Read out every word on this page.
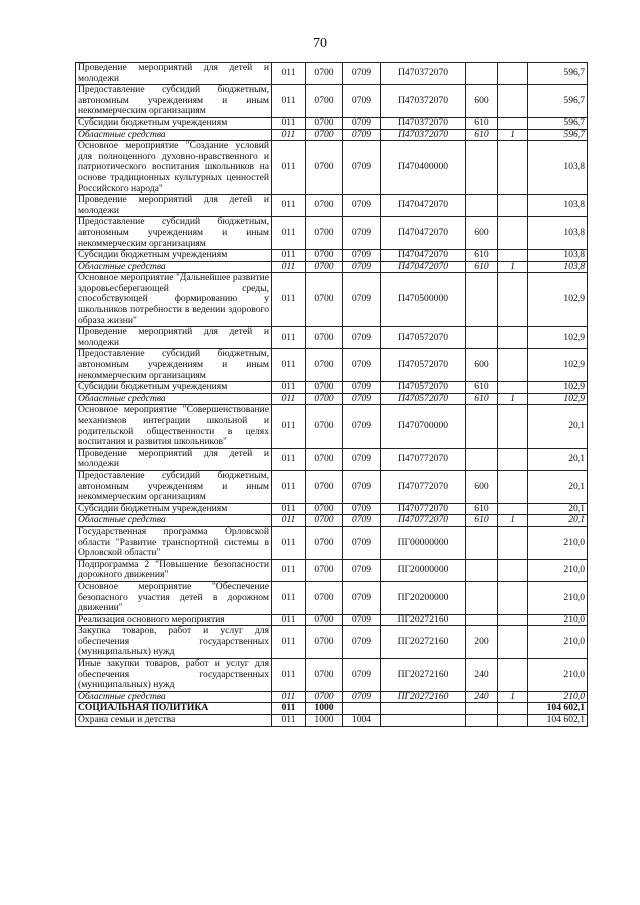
70
Проведение мероприятий для детей и молодежи	011	0700	0709	П470372070			596,7
Предоставление субсидий бюджетным, автономным учреждениям и иным некоммерческим организациям	011	0700	0709	П470372070	600		596,7
Субсидии бюджетным учреждениям	011	0700	0709	П470372070	610		596,7
Областные средства	011	0700	0709	П470372070	610	1	596,7
Основное мероприятие "Создание условий для полноценного духовно-нравственного и патриотического воспитания школьников на основе традиционных культурных ценностей Российского народа"	011	0700	0709	П470400000			103,8
Проведение мероприятий для детей и молодежи	011	0700	0709	П470472070			103,8
Предоставление субсидий бюджетным, автономным учреждениям и иным некоммерческим организациям	011	0700	0709	П470472070	600		103,8
Субсидии бюджетным учреждениям	011	0700	0709	П470472070	610		103,8
Областные средства	011	0700	0709	П470472070	610	1	103,8
Основное мероприятие "Дальнейшее развитие здоровьесберегающей среды, способствующей формированию у школьников потребности в ведении здорового образа жизни"	011	0700	0709	П470500000			102,9
Проведение мероприятий для детей и молодежи	011	0700	0709	П470572070			102,9
Предоставление субсидий бюджетным, автономным учреждениям и иным некоммерческим организациям	011	0700	0709	П470572070	600		102,9
Субсидии бюджетным учреждениям	011	0700	0709	П470572070	610		102,9
Областные средства	011	0700	0709	П470572070	610	1	102,9
Основное мероприятие "Совершенствование механизмов интеграции школьной и родительской общественности в целях воспитания и развития школьников"	011	0700	0709	П470700000			20,1
Проведение мероприятий для детей и молодежи	011	0700	0709	П470772070			20,1
Предоставление субсидий бюджетным, автономным учреждениям и иным некоммерческим организациям	011	0700	0709	П470772070	600		20,1
Субсидии бюджетным учреждениям	011	0700	0709	П470772070	610		20,1
Областные средства	011	0700	0709	П470772070	610	1	20,1
Государственная программа Орловской области "Развитие транспортной системы в Орловской области"	011	0700	0709	ПГ00000000			210,0
Подпрограмма 2 "Повышение безопасности дорожного движения"	011	0700	0709	ПГ20000000			210,0
Основное мероприятие "Обеспечение безопасного участия детей в дорожном движении"	011	0700	0709	ПГ20200000			210,0
Реализация основного мероприятия	011	0700	0709	ПГ20272160			210,0
Закупка товаров, работ и услуг для обеспечения государственных (муниципальных) нужд	011	0700	0709	ПГ20272160	200		210,0
Иные закупки товаров, работ и услуг для обеспечения государственных (муниципальных) нужд	011	0700	0709	ПГ20272160	240		210,0
Областные средства	011	0700	0709	ПГ20272160	240	1	210,0
СОЦИАЛЬНАЯ ПОЛИТИКА	011	1000					104 602,1
Охрана семьи и детства	011	1000	1004				104 602,1
